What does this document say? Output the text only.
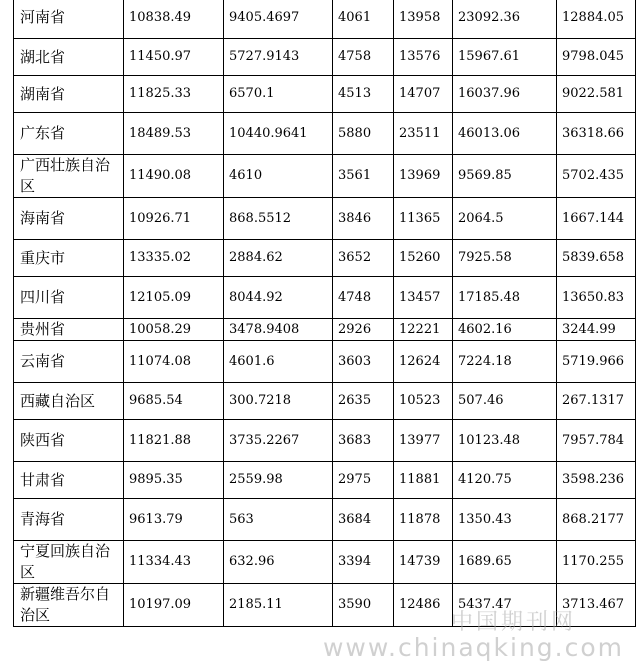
河南省	10838.49	9405.4697	4061	13958	23092.36	12884.05
湖北省	11450.97	5727.9143	4758	13576	15967.61	9798.045
湖南省	11825.33	6570.1	4513	14707	16037.96	9022.581
广东省	18489.53	10440.9641	5880	23511	46013.06	36318.66
广西壮族自治区	11490.08	4610	3561	13969	9569.85	5702.435
海南省	10926.71	868.5512	3846	11365	2064.5	1667.144
重庆市	13335.02	2884.62	3652	15260	7925.58	5839.658
四川省	12105.09	8044.92	4748	13457	17185.48	13650.83
贵州省	10058.29	3478.9408	2926	12221	4602.16	3244.99
云南省	11074.08	4601.6	3603	12624	7224.18	5719.966
西藏自治区	9685.54	300.7218	2635	10523	507.46	267.1317
陕西省	11821.88	3735.2267	3683	13977	10123.48	7957.784
甘肃省	9895.35	2559.98	2975	11881	4120.75	3598.236
青海省	9613.79	563	3684	11878	1350.43	868.2177
宁夏回族自治区	11334.43	632.96	3394	14739	1689.65	1170.255
新疆维吾尔自治区	10197.09	2185.11	3590	12486	5437.47	3713.467
中国期刊网
www.chinaqking.com
